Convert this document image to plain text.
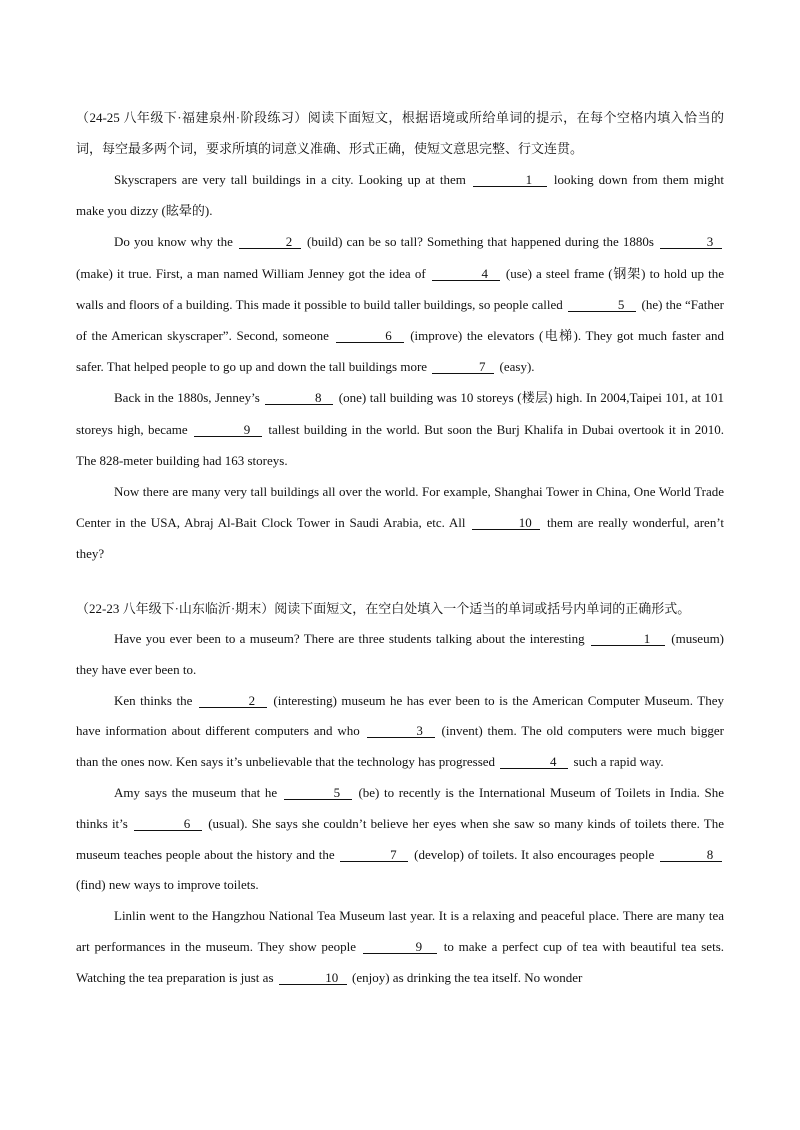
（24-25 八年级下·福建泉州·阶段练习）阅读下面短文，根据语境或所给单词的提示，在每个空格内填入恰当的词，每空最多两个词，要求所填的词意义准确、形式正确，使短文意思完整、行文连贯。

Skyscrapers are very tall buildings in a city. Looking up at them	1 looking down from them might make you dizzy (眩晕的).

Do you know why the	2 (build) can be so tall? Something that happened during the 1880s	3 (make) it true. First, a man named William Jenney got the idea of	4 (use) a steel frame (钢架) to hold up the walls and floors of a building. This made it possible to build taller buildings, so people called	5 (he) the “Father of the American skyscraper”. Second, someone	6 (improve) the elevators (电梯). They got much faster and safer. That helped people to go up and down the tall buildings more	7 (easy).

Back in the 1880s, Jenney’s	8 (one) tall building was 10 storeys (楼层) high. In 2004,Taipei 101, at 101 storeys high, became	9 tallest building in the world. But soon the Burj Khalifa in Dubai overtook it in 2010. The 828-meter building had 163 storeys.

Now there are many very tall buildings all over the world. For example, Shanghai Tower in China, One World Trade Center in the USA, Abraj Al-Bait Clock Tower in Saudi Arabia, etc. All	10 them are really wonderful, aren’t they?

（22-23 八年级下·山东临沂·期末）阅读下面短文，在空白处填入一个适当的单词或括号内单词的正确形式。

Have you ever been to a museum? There are three students talking about the interesting	1 (museum) they have ever been to.

Ken thinks the	2 (interesting) museum he has ever been to is the American Computer Museum. They have information about different computers and who	3 (invent) them. The old computers were much bigger than the ones now. Ken says it’s unbelievable that the technology has progressed	4 such a rapid way.

Amy says the museum that he	5 (be) to recently is the International Museum of Toilets in India. She thinks it’s	6 (usual). She says she couldn’t believe her eyes when she saw so many kinds of toilets there. The museum teaches people about the history and the	7 (develop) of toilets. It also encourages people	8 (find) new ways to improve toilets.

Linlin went to the Hangzhou National Tea Museum last year. It is a relaxing and peaceful place. There are many tea art performances in the museum. They show people	9 to make a perfect cup of tea with beautiful tea sets. Watching the tea preparation is just as	10 (enjoy) as drinking the tea itself. No wonder
